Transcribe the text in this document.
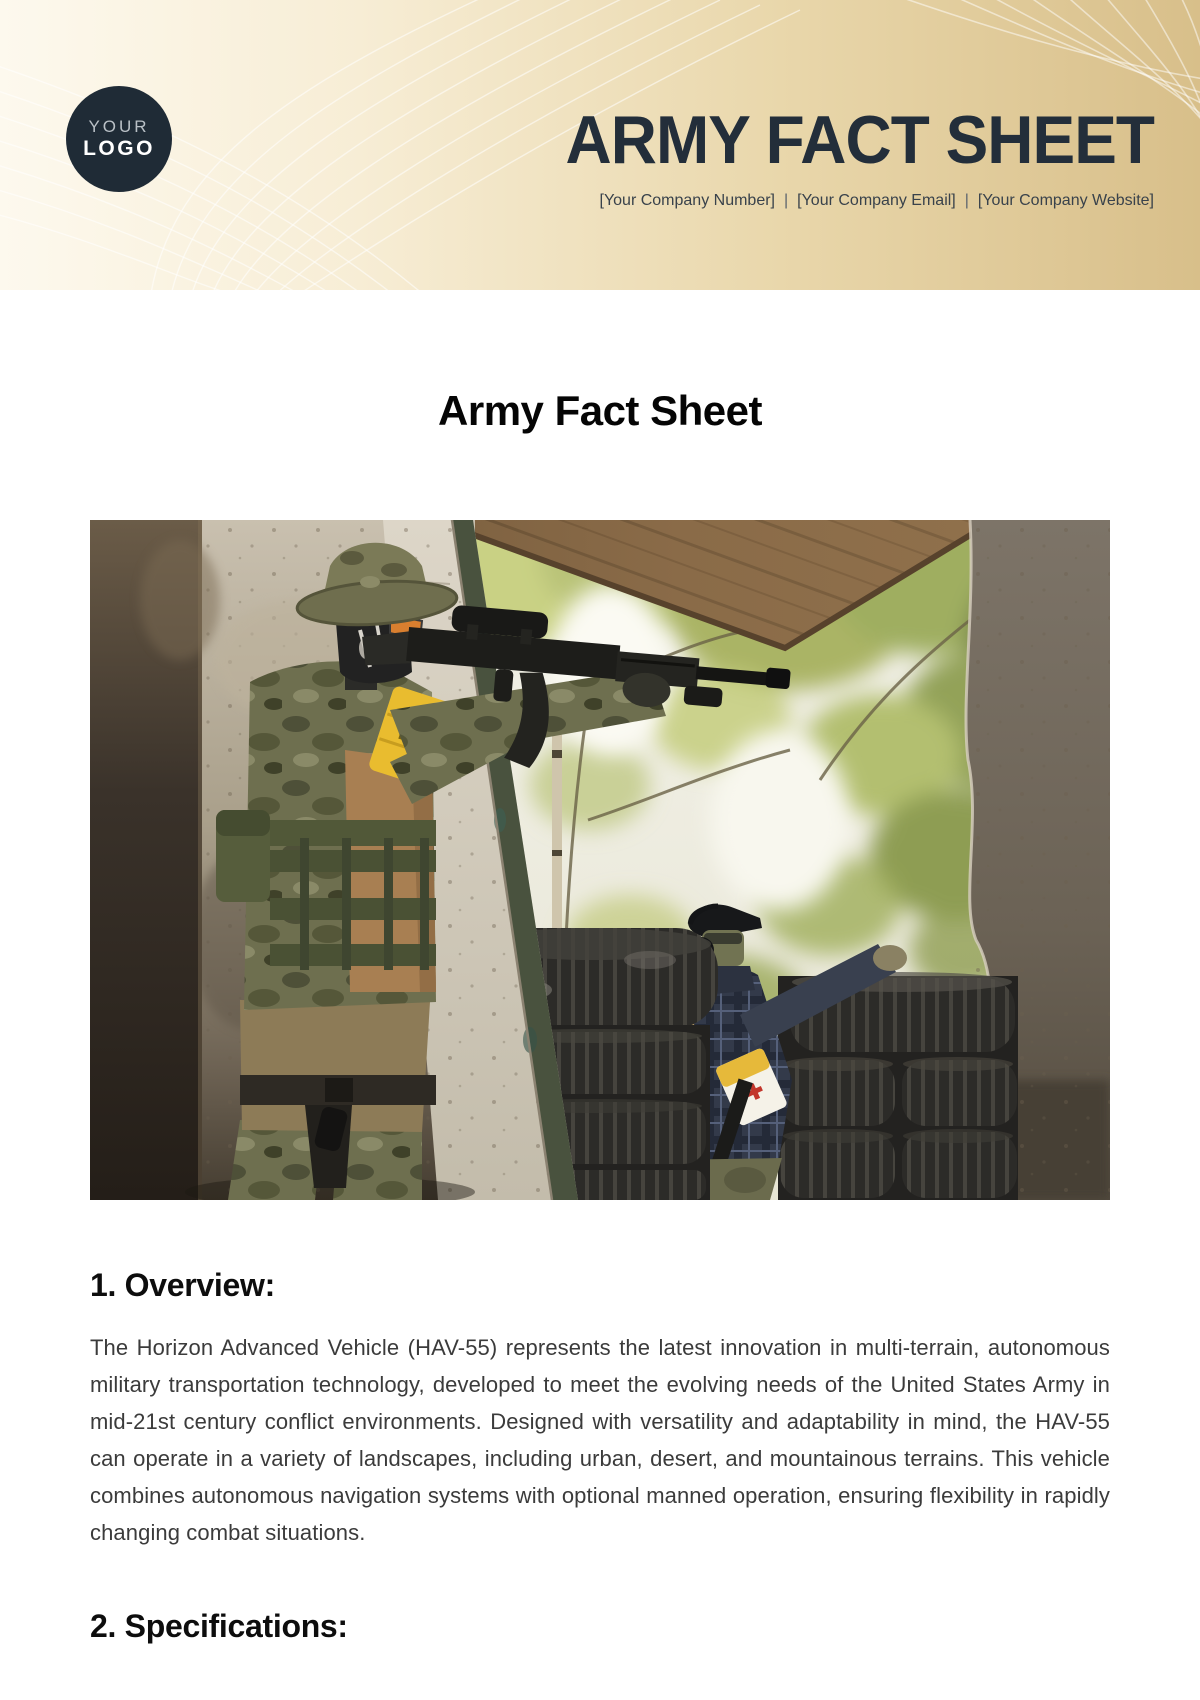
YOUR
LOGO	ARMY FACT SHEET
[Your Company Number] | [Your Company Email] | [Your Company Website]
Army Fact Sheet
1. Overview:

The Horizon Advanced Vehicle (HAV-55) represents the latest innovation in multi-terrain, autonomous military transportation technology, developed to meet the evolving needs of the United States Army in mid-21st century conflict environments. Designed with versatility and adaptability in mind, the HAV-55 can operate in a variety of landscapes, including urban, desert, and mountainous terrains. This vehicle combines autonomous navigation systems with optional manned operation, ensuring flexibility in rapidly changing combat situations.

2. Specifications:
